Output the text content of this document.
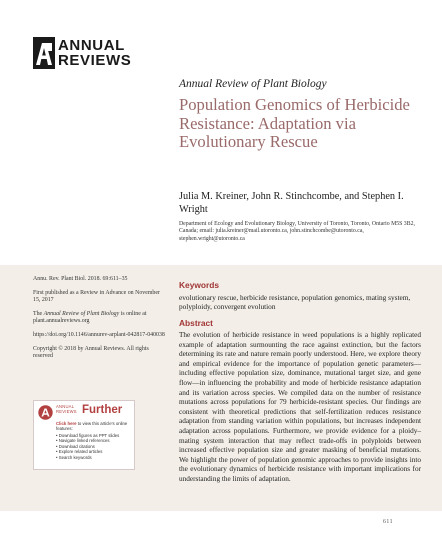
ANNUAL
REVIEWS
Annual Review of Plant Biology
Population Genomics of Herbicide Resistance: Adaptation via Evolutionary Rescue
Julia M. Kreiner, John R. Stinchcombe, and Stephen I. Wright
Department of Ecology and Evolutionary Biology, University of Toronto, Toronto, Ontario M5S 3B2, Canada; email: julia.kreiner@mail.utoronto.ca, john.stinchcombe@utoronto.ca, stephen.wright@utoronto.ca

Annu. Rev. Plant Biol. 2018. 69:611–35

First published as a Review in Advance on November 15, 2017

The Annual Review of Plant Biology is online at plant.annualreviews.org

https://doi.org/10.1146/annurev-arplant-042817-040038

Copyright © 2018 by Annual Reviews. All rights reserved

ANNUAL
REVIEWS Further
Click here to view this article's online features:
• Download figures as PPT slides
• Navigate linked references
• Download citations
• Explore related articles
• Search keywords
Keywords
evolutionary rescue, herbicide resistance, population genomics, mating system, polyploidy, convergent evolution
Abstract
The evolution of herbicide resistance in weed populations is a highly replicated example of adaptation surmounting the race against extinction, but the factors determining its rate and nature remain poorly understood. Here, we explore theory and empirical evidence for the importance of population genetic parameters—including effective population size, dominance, mutational target size, and gene flow—in influencing the probability and mode of herbicide resistance adaptation and its variation across species. We compiled data on the number of resistance mutations across populations for 79 herbicide-resistant species. Our findings are consistent with theoretical predictions that self-fertilization reduces resistance adaptation from standing variation within populations, but increases independent adaptation across populations. Furthermore, we provide evidence for a ploidy–mating system interaction that may reflect trade-offs in polyploids between increased effective population size and greater masking of beneficial mutations. We highlight the power of population genomic approaches to provide insights into the evolutionary dynamics of herbicide resistance with important implications for understanding the limits of adaptation.
611
